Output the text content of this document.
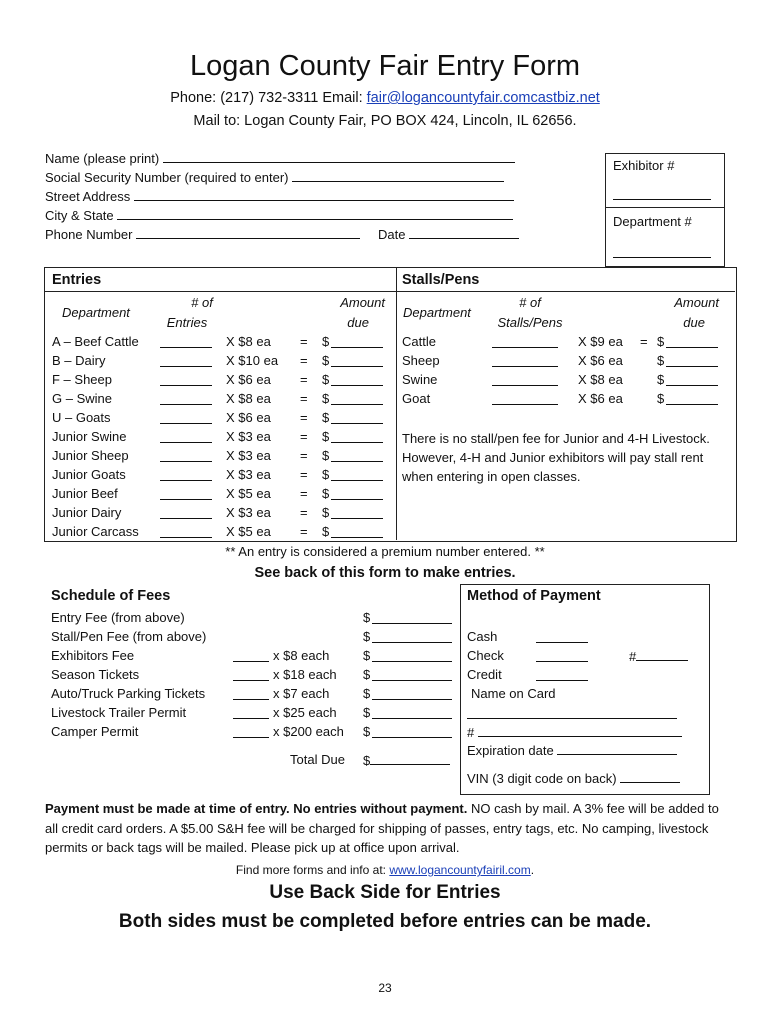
Logan County Fair Entry Form
Phone: (217) 732-3311 Email: fair@logancountyfair.comcastbiz.net
Mail to: Logan County Fair, PO BOX 424, Lincoln, IL 62656.
Name (please print)
Social Security Number (required to enter)
Street Address
City & State
Phone Number	Date
Exhibitor #
Department #
Entries
Department
# of
Entries
Amount
due
A – Beef Cattle	X $8 ea = $
B – Dairy	X $10 ea = $
F – Sheep	X $6 ea = $
G – Swine	X $8 ea = $
U – Goats	X $6 ea = $
Junior Swine	X $3 ea = $
Junior Sheep	X $3 ea = $
Junior Goats	X $3 ea = $
Junior Beef	X $5 ea = $
Junior Dairy	X $3 ea = $
Junior Carcass	X $5 ea = $
Stalls/Pens
Department
# of
Stalls/Pens
Amount
due
Cattle	X $9 ea = $
Sheep	X $6 ea	$
Swine	X $8 ea	$
Goat	X $6 ea	$
There is no stall/pen fee for Junior and 4-H Livestock. However, 4-H and Junior exhibitors will pay stall rent when entering in open classes.
** An entry is considered a premium number entered. **
See back of this form to make entries.
Schedule of Fees
Entry Fee (from above)	$
Stall/Pen Fee (from above)	$
Exhibitors Fee	x $8 each	$
Season Tickets	x $18 each $
Auto/Truck Parking Tickets	x $7 each	$
Livestock Trailer Permit	x $25 each $
Camper Permit	x $200 each $
Total Due $
Method of Payment
Cash
Check	#
Credit
Name on Card
#
Expiration date
VIN (3 digit code on back)
Payment must be made at time of entry. No entries without payment. NO cash by mail. A 3% fee will be added to all credit card orders. A $5.00 S&H fee will be charged for shipping of passes, entry tags, etc. No camping, livestock permits or back tags will be mailed. Please pick up at office upon arrival.
Find more forms and info at: www.logancountyfairil.com.
Use Back Side for Entries
Both sides must be completed before entries can be made.
23
